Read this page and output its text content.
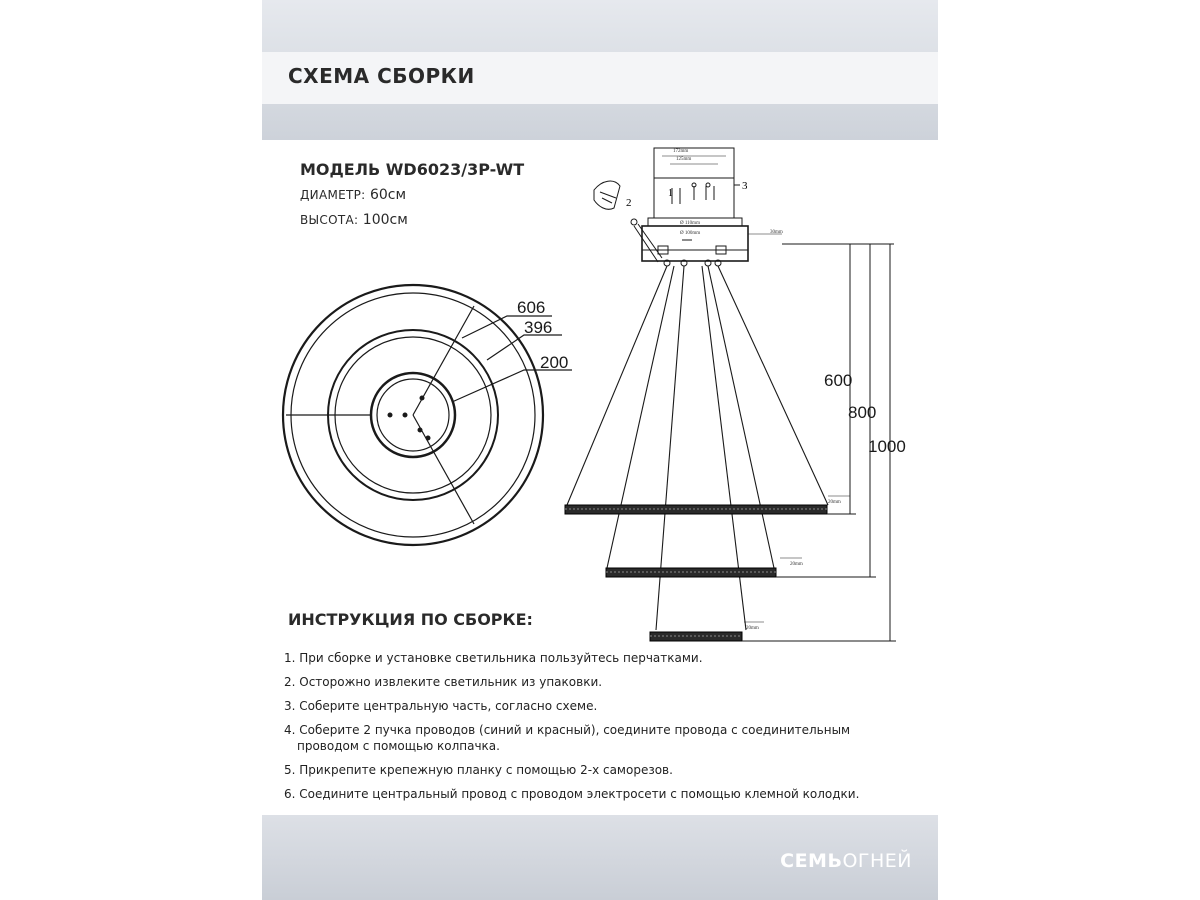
СХЕМА СБОРКИ
МОДЕЛЬ WD6023/3P-WT
ДИАМЕТР: 60см
ВЫСОТА: 100см
606
396
200
172mm
125mm
Ø 110mm
Ø 100mm	30mm
2
1
3
20mm
20mm
20mm
600
800
1000
ИНСТРУКЦИЯ ПО СБОРКЕ:
1. При сборке и установке светильника пользуйтесь перчатками.
2. Осторожно извлеките светильник из упаковки.
3. Соберите центральную часть, согласно схеме.
4. Соберите 2 пучка проводов (синий и красный), соедините провода с соединительным
проводом с помощью колпачка.
5. Прикрепите крепежную планку с помощью 2-х саморезов.
6. Соедините центральный провод с проводом электросети с помощью клемной колодки.
СЕМЬОГНЕЙ
